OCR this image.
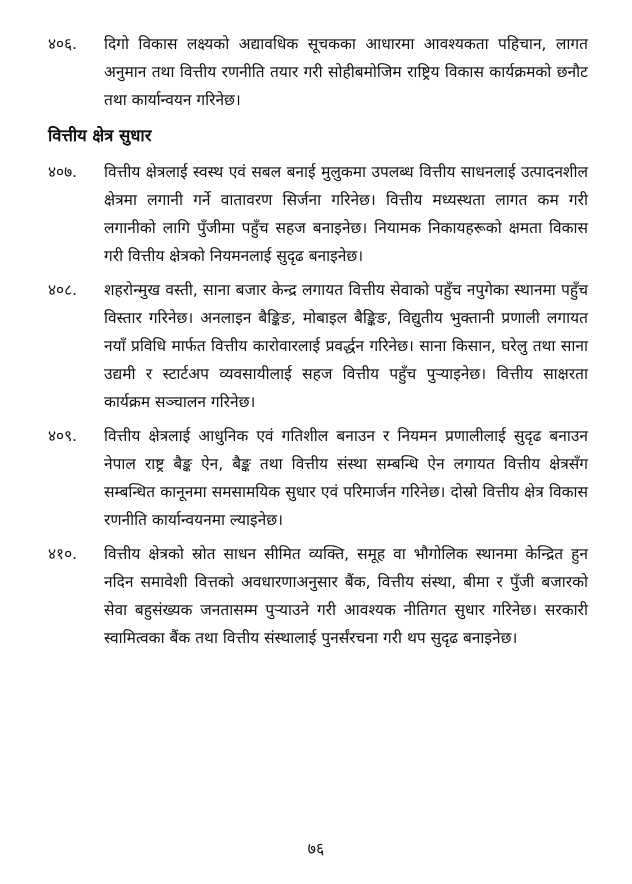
४०६.	दिगो विकास लक्ष्यको अद्यावधिक सूचकका आधारमा आवश्यकता पहिचान, लागत अनुमान तथा वित्तीय रणनीति तयार गरी सोहीबमोजिम राष्ट्रिय विकास कार्यक्रमको छनौट तथा कार्यान्वयन गरिनेछ।
वित्तीय क्षेत्र सुधार
४०७.	वित्तीय क्षेत्रलाई स्वस्थ एवं सबल बनाई मुलुकमा उपलब्ध वित्तीय साधनलाई उत्पादनशील क्षेत्रमा लगानी गर्ने वातावरण सिर्जना गरिनेछ। वित्तीय मध्यस्थता लागत कम गरी लगानीको लागि पुँजीमा पहुँच सहज बनाइनेछ। नियामक निकायहरूको क्षमता विकास गरी वित्तीय क्षेत्रको नियमनलाई सुदृढ बनाइनेछ।
४०८.	शहरोन्मुख वस्ती, साना बजार केन्द्र लगायत वित्तीय सेवाको पहुँच नपुगेका स्थानमा पहुँच विस्तार गरिनेछ। अनलाइन बैङ्किङ, मोबाइल बैङ्किङ, विद्युतीय भुक्तानी प्रणाली लगायत नयाँ प्रविधि मार्फत वित्तीय कारोवारलाई प्रवर्द्धन गरिनेछ। साना किसान, घरेलु तथा साना उद्यमी र स्टार्टअप व्यवसायीलाई सहज वित्तीय पहुँच पुऱ्याइनेछ। वित्तीय साक्षरता कार्यक्रम सञ्चालन गरिनेछ।
४०९.	वित्तीय क्षेत्रलाई आधुनिक एवं गतिशील बनाउन र नियमन प्रणालीलाई सुदृढ बनाउन नेपाल राष्ट्र बैङ्क ऐन, बैङ्क तथा वित्तीय संस्था सम्बन्धि ऐन लगायत वित्तीय क्षेत्रसँग सम्बन्धित कानूनमा समसामयिक सुधार एवं परिमार्जन गरिनेछ। दोस्रो वित्तीय क्षेत्र विकास रणनीति कार्यान्वयनमा ल्याइनेछ।
४१०.	वित्तीय क्षेत्रको स्रोत साधन सीमित व्यक्ति, समूह वा भौगोलिक स्थानमा केन्द्रित हुन नदिन समावेशी वित्तको अवधारणाअनुसार बैंक, वित्तीय संस्था, बीमा र पुँजी बजारको सेवा बहुसंख्यक जनतासम्म पुऱ्याउने गरी आवश्यक नीतिगत सुधार गरिनेछ। सरकारी स्वामित्वका बैंक तथा वित्तीय संस्थालाई पुनर्संरचना गरी थप सुदृढ बनाइनेछ।
७६
